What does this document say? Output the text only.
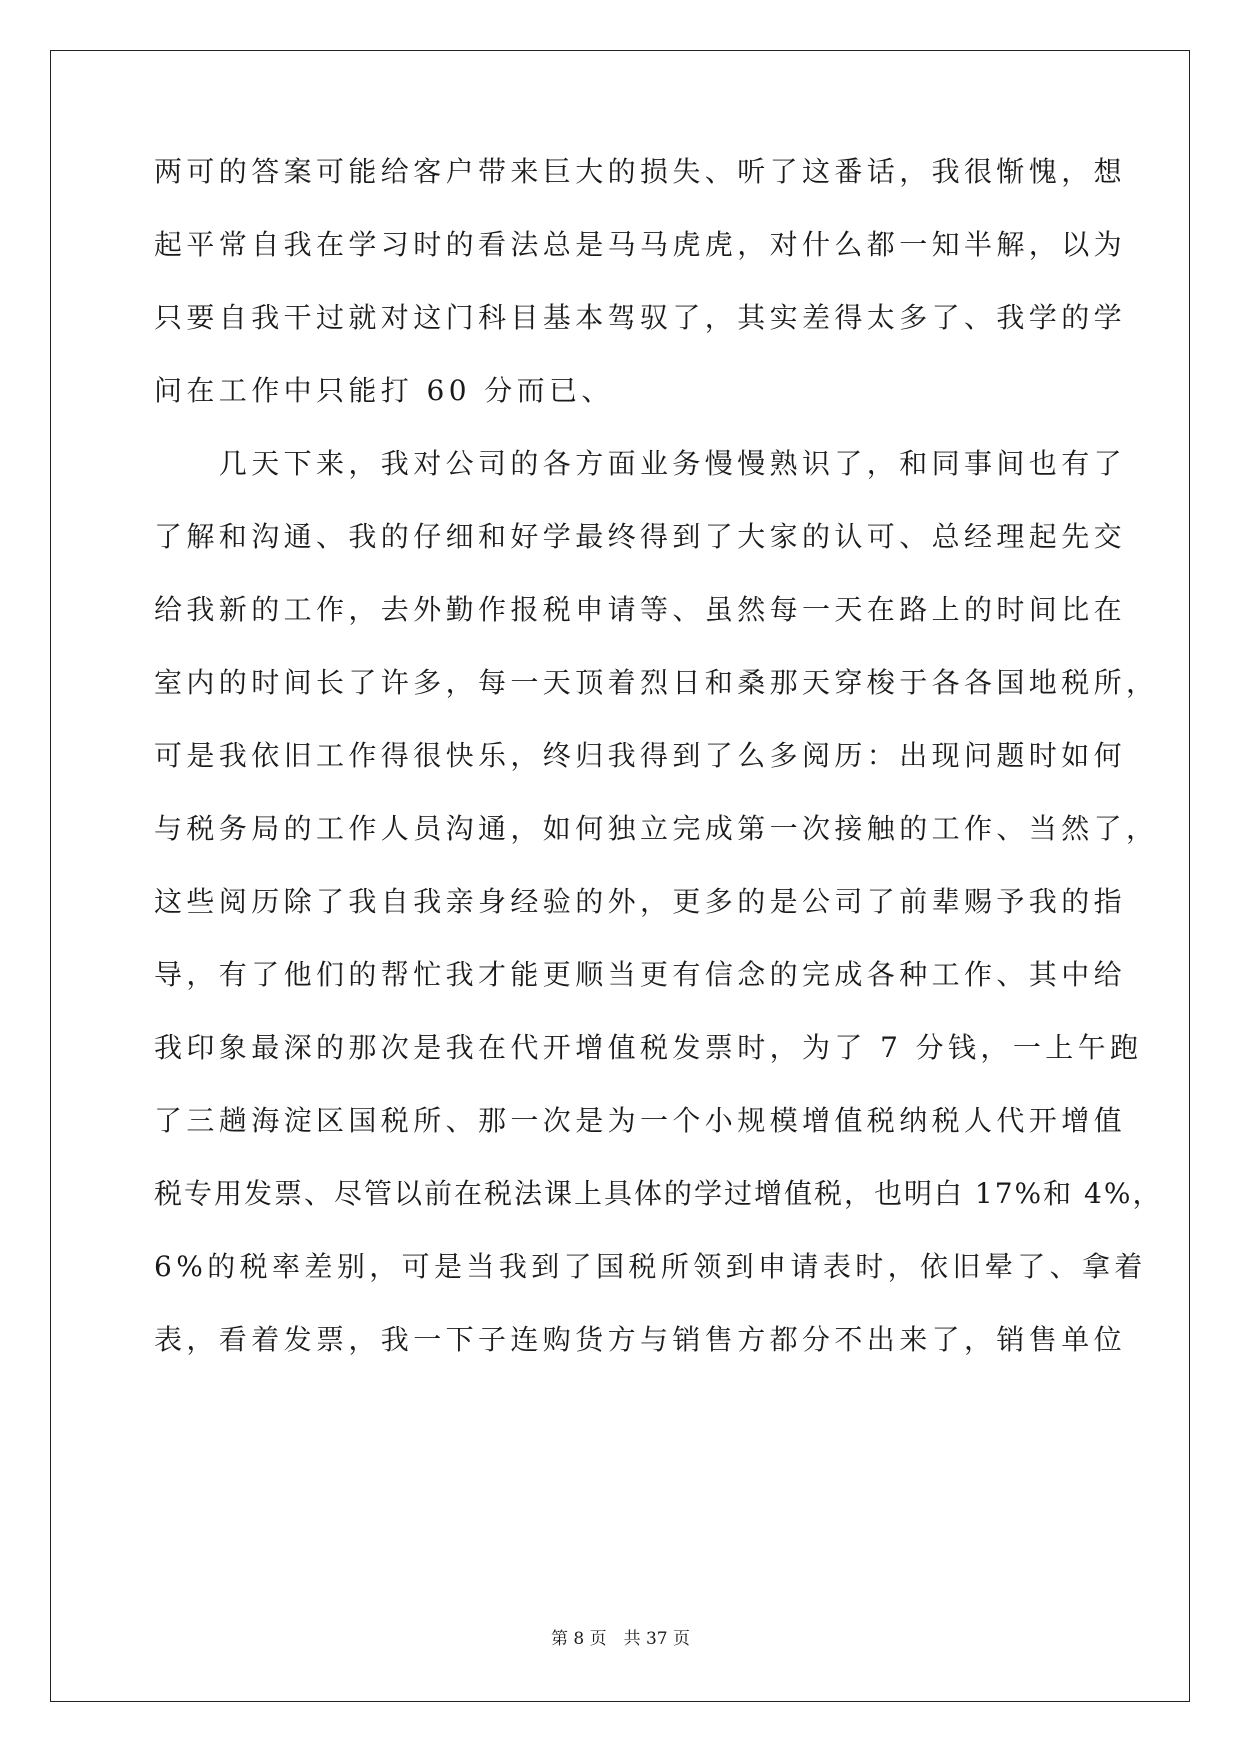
两可的答案可能给客户带来巨大的损失、听了这番话，我很惭愧，想
起平常自我在学习时的看法总是马马虎虎，对什么都一知半解，以为
只要自我干过就对这门科目基本驾驭了，其实差得太多了、我学的学
问在工作中只能打 60 分而已、
　　几天下来，我对公司的各方面业务慢慢熟识了，和同事间也有了
了解和沟通、我的仔细和好学最终得到了大家的认可、总经理起先交
给我新的工作，去外勤作报税申请等、虽然每一天在路上的时间比在
室内的时间长了许多，每一天顶着烈日和桑那天穿梭于各各国地税所，
可是我依旧工作得很快乐，终归我得到了么多阅历：出现问题时如何
与税务局的工作人员沟通，如何独立完成第一次接触的工作、当然了，
这些阅历除了我自我亲身经验的外，更多的是公司了前辈赐予我的指
导，有了他们的帮忙我才能更顺当更有信念的完成各种工作、其中给
我印象最深的那次是我在代开增值税发票时，为了 7 分钱，一上午跑
了三趟海淀区国税所、那一次是为一个小规模增值税纳税人代开增值
税专用发票、尽管以前在税法课上具体的学过增值税，也明白 17%和 4%，
6%的税率差别，可是当我到了国税所领到申请表时，依旧晕了、拿着
表，看着发票，我一下子连购货方与销售方都分不出来了，销售单位
第 8 页　共 37 页
